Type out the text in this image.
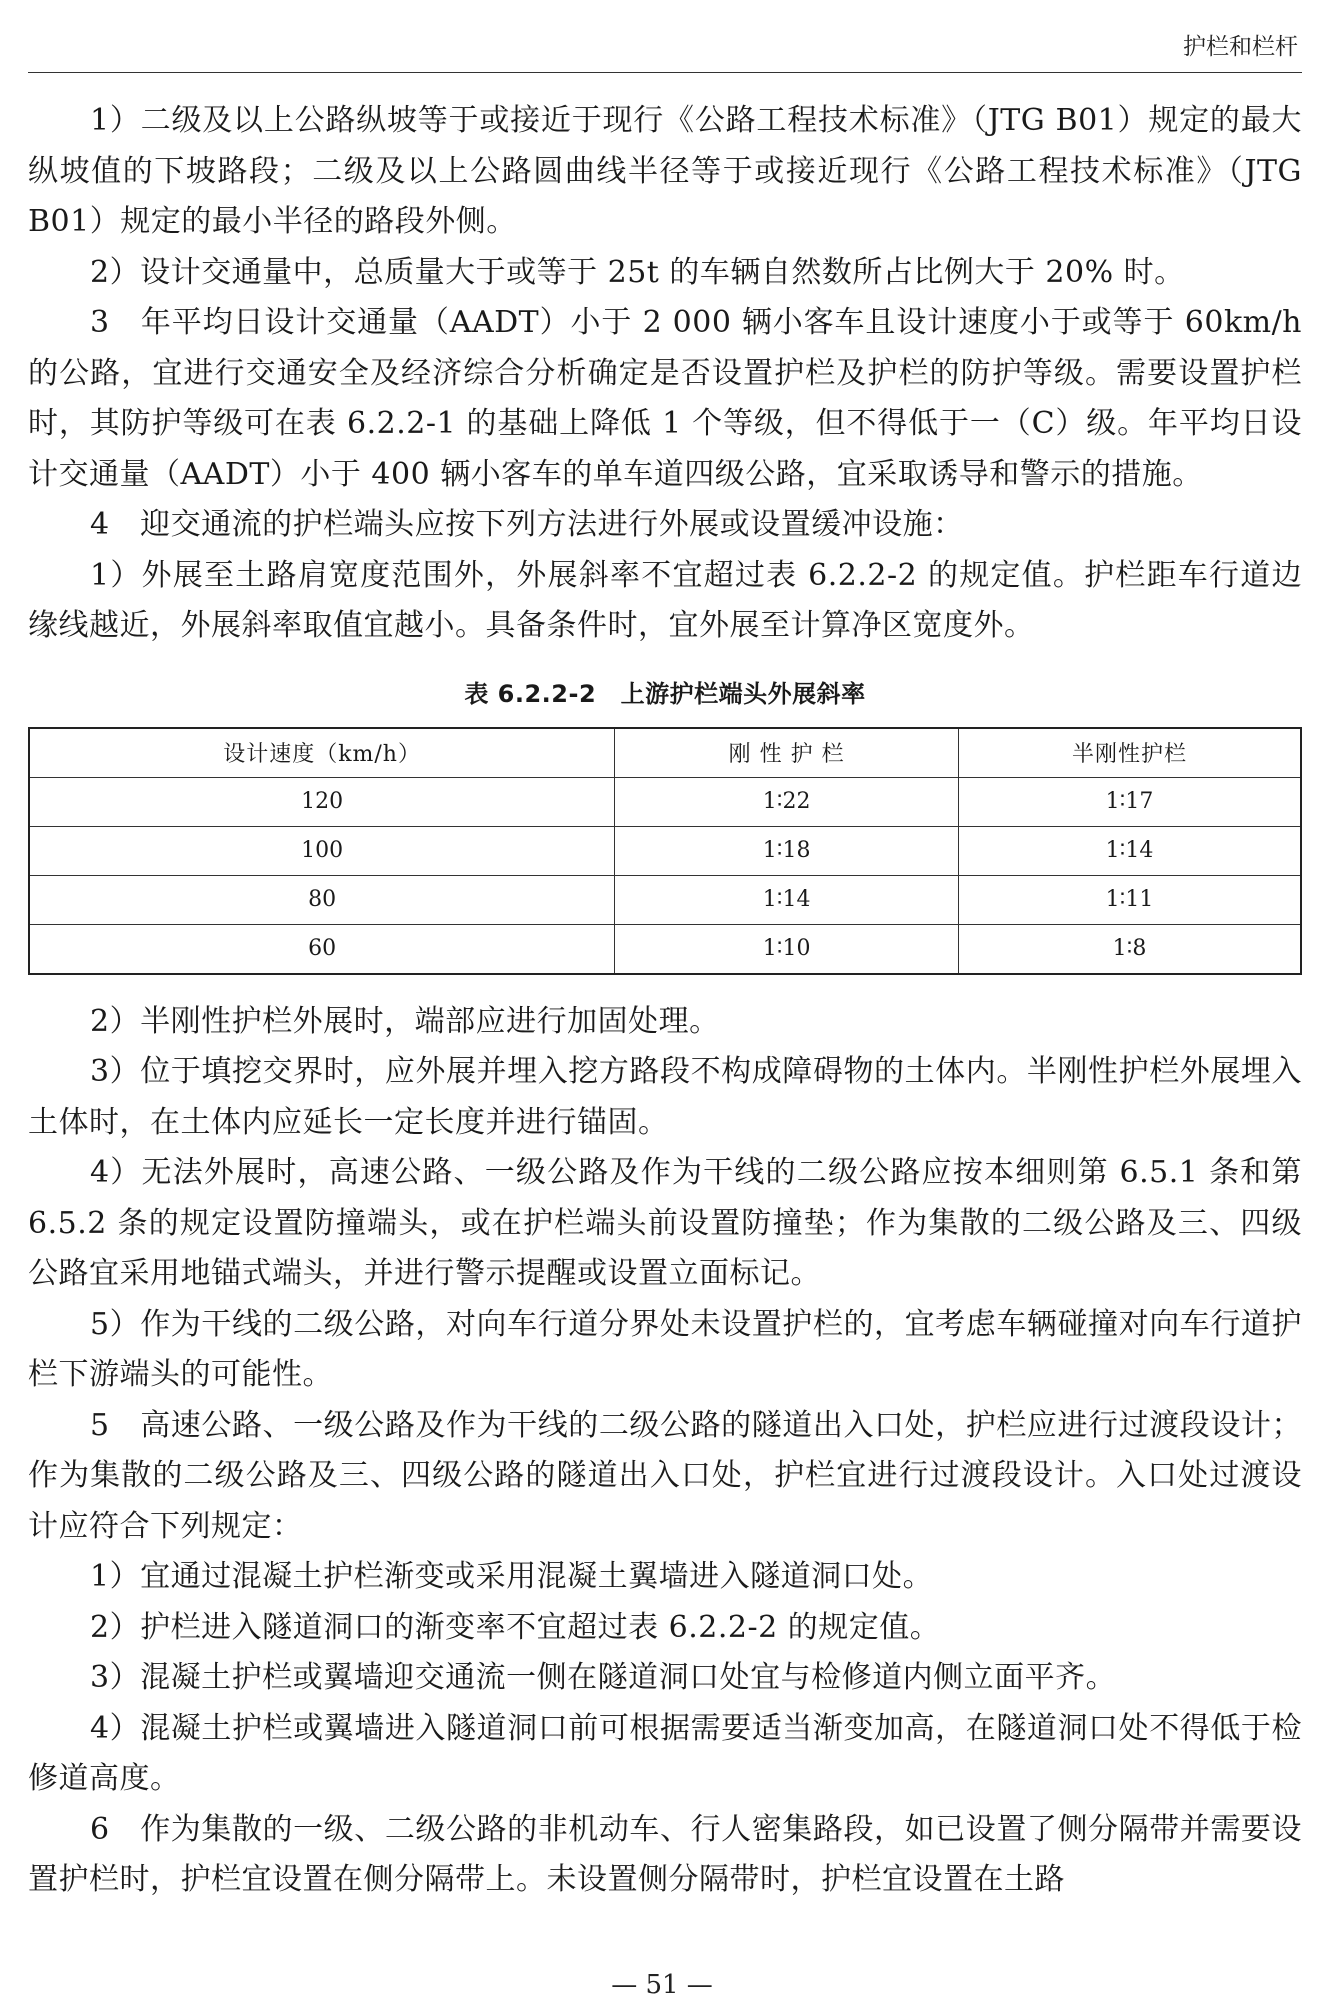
护栏和栏杆

1）二级及以上公路纵坡等于或接近于现行《公路工程技术标准》（JTG B01）规定的最大纵坡值的下坡路段；二级及以上公路圆曲线半径等于或接近现行《公路工程技术标准》（JTG B01）规定的最小半径的路段外侧。

2）设计交通量中，总质量大于或等于 25t 的车辆自然数所占比例大于 20% 时。

3　年平均日设计交通量（AADT）小于 2 000 辆小客车且设计速度小于或等于 60km/h 的公路，宜进行交通安全及经济综合分析确定是否设置护栏及护栏的防护等级。需要设置护栏时，其防护等级可在表 6.2.2-1 的基础上降低 1 个等级，但不得低于一（C）级。年平均日设计交通量（AADT）小于 400 辆小客车的单车道四级公路，宜采取诱导和警示的措施。

4　迎交通流的护栏端头应按下列方法进行外展或设置缓冲设施：

1）外展至土路肩宽度范围外，外展斜率不宜超过表 6.2.2-2 的规定值。护栏距车行道边缘线越近，外展斜率取值宜越小。具备条件时，宜外展至计算净区宽度外。

表 6.2.2-2　上游护栏端头外展斜率
设计速度（km/h）	刚 性 护 栏	半刚性护栏
120	1∶22	1∶17
100	1∶18	1∶14
80	1∶14	1∶11
60	1∶10	1∶8

2）半刚性护栏外展时，端部应进行加固处理。

3）位于填挖交界时，应外展并埋入挖方路段不构成障碍物的土体内。半刚性护栏外展埋入土体时，在土体内应延长一定长度并进行锚固。

4）无法外展时，高速公路、一级公路及作为干线的二级公路应按本细则第 6.5.1 条和第 6.5.2 条的规定设置防撞端头，或在护栏端头前设置防撞垫；作为集散的二级公路及三、四级公路宜采用地锚式端头，并进行警示提醒或设置立面标记。

5）作为干线的二级公路，对向车行道分界处未设置护栏的，宜考虑车辆碰撞对向车行道护栏下游端头的可能性。

5　高速公路、一级公路及作为干线的二级公路的隧道出入口处，护栏应进行过渡段设计；作为集散的二级公路及三、四级公路的隧道出入口处，护栏宜进行过渡段设计。入口处过渡设计应符合下列规定：

1）宜通过混凝土护栏渐变或采用混凝土翼墙进入隧道洞口处。

2）护栏进入隧道洞口的渐变率不宜超过表 6.2.2-2 的规定值。

3）混凝土护栏或翼墙迎交通流一侧在隧道洞口处宜与检修道内侧立面平齐。

4）混凝土护栏或翼墙进入隧道洞口前可根据需要适当渐变加高，在隧道洞口处不得低于检修道高度。

6　作为集散的一级、二级公路的非机动车、行人密集路段，如已设置了侧分隔带并需要设置护栏时，护栏宜设置在侧分隔带上。未设置侧分隔带时，护栏宜设置在土路

— 51 —
